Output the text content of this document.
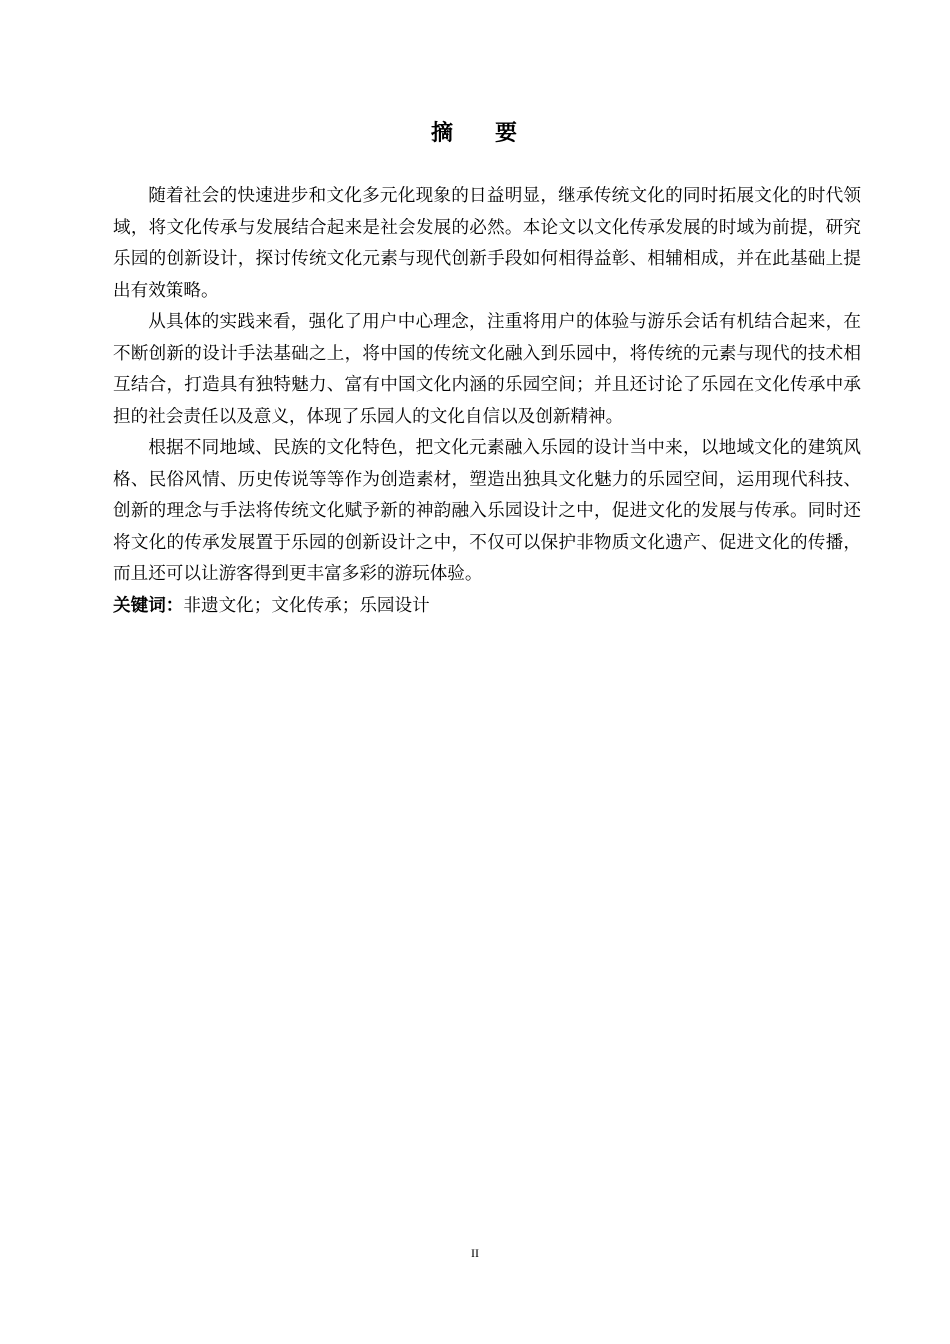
摘 要

随着社会的快速进步和文化多元化现象的日益明显，继承传统文化的同时拓展文化的时代领域，将文化传承与发展结合起来是社会发展的必然。本论文以文化传承发展的时域为前提，研究乐园的创新设计，探讨传统文化元素与现代创新手段如何相得益彰、相辅相成，并在此基础上提出有效策略。

从具体的实践来看，强化了用户中心理念，注重将用户的体验与游乐会话有机结合起来，在不断创新的设计手法基础之上，将中国的传统文化融入到乐园中，将传统的元素与现代的技术相互结合，打造具有独特魅力、富有中国文化内涵的乐园空间；并且还讨论了乐园在文化传承中承担的社会责任以及意义，体现了乐园人的文化自信以及创新精神。

根据不同地域、民族的文化特色，把文化元素融入乐园的设计当中来，以地域文化的建筑风格、民俗风情、历史传说等等作为创造素材，塑造出独具文化魅力的乐园空间，运用现代科技、创新的理念与手法将传统文化赋予新的神韵融入乐园设计之中，促进文化的发展与传承。同时还将文化的传承发展置于乐园的创新设计之中，不仅可以保护非物质文化遗产、促进文化的传播，而且还可以让游客得到更丰富多彩的游玩体验。

关键词：非遗文化；文化传承；乐园设计
II
